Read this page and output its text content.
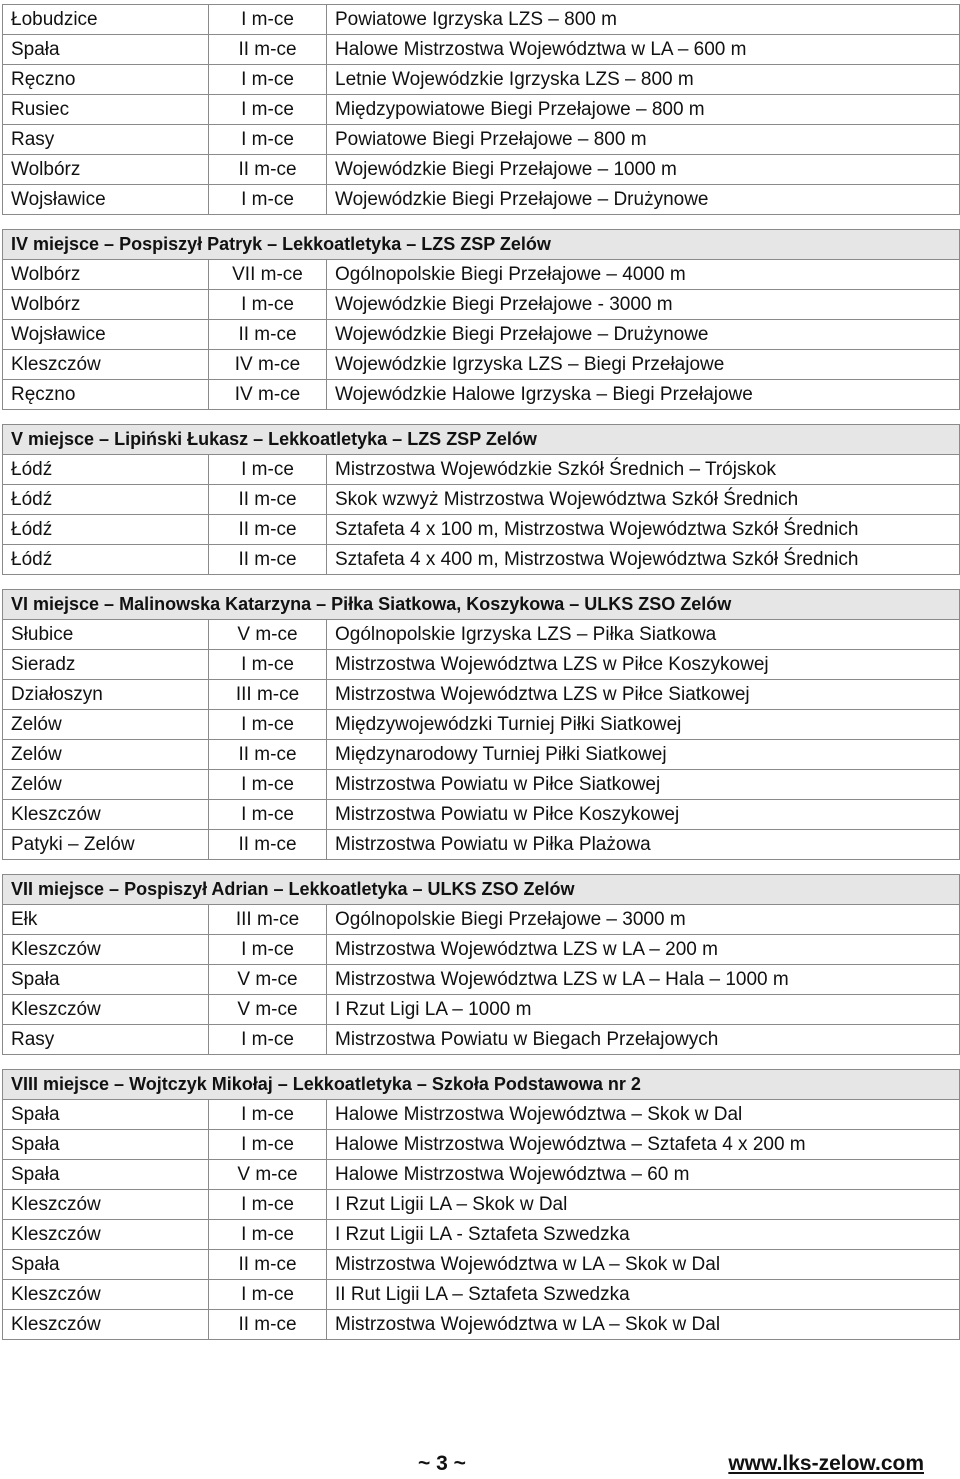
Łobudzice	I m-ce	Powiatowe Igrzyska LZS – 800 m
Spała	II m-ce	Halowe Mistrzostwa Województwa w LA – 600 m
Ręczno	I m-ce	Letnie Wojewódzkie Igrzyska LZS – 800 m
Rusiec	I m-ce	Międzypowiatowe Biegi Przełajowe – 800 m
Rasy	I m-ce	Powiatowe Biegi Przełajowe – 800 m
Wolbórz	II m-ce	Wojewódzkie Biegi Przełajowe – 1000 m
Wojsławice	I m-ce	Wojewódzkie Biegi Przełajowe – Drużynowe
IV miejsce – Pospiszył Patryk – Lekkoatletyka – LZS ZSP Zelów		
Wolbórz	VII m-ce	Ogólnopolskie Biegi Przełajowe – 4000 m
Wolbórz	I m-ce	Wojewódzkie Biegi Przełajowe - 3000 m
Wojsławice	II m-ce	Wojewódzkie Biegi Przełajowe – Drużynowe
Kleszczów	IV m-ce	Wojewódzkie Igrzyska LZS – Biegi Przełajowe
Ręczno	IV m-ce	Wojewódzkie Halowe Igrzyska – Biegi Przełajowe
V miejsce – Lipiński Łukasz – Lekkoatletyka – LZS ZSP Zelów		
Łódź	I m-ce	Mistrzostwa Wojewódzkie Szkół Średnich – Trójskok
Łódź	II m-ce	Skok wzwyż Mistrzostwa Województwa Szkół Średnich
Łódź	II m-ce	Sztafeta 4 x 100 m, Mistrzostwa Województwa Szkół Średnich
Łódź	II m-ce	Sztafeta 4 x 400 m, Mistrzostwa Województwa Szkół Średnich
VI miejsce – Malinowska Katarzyna – Piłka Siatkowa, Koszykowa – ULKS ZSO Zelów		
Słubice	V m-ce	Ogólnopolskie Igrzyska LZS – Piłka Siatkowa
Sieradz	I m-ce	Mistrzostwa Województwa LZS w Piłce Koszykowej
Działoszyn	III m-ce	Mistrzostwa Województwa LZS w Piłce Siatkowej
Zelów	I m-ce	Międzywojewódzki Turniej Piłki Siatkowej
Zelów	II m-ce	Międzynarodowy Turniej Piłki Siatkowej
Zelów	I m-ce	Mistrzostwa Powiatu w Piłce Siatkowej
Kleszczów	I m-ce	Mistrzostwa Powiatu w Piłce Koszykowej
Patyki – Zelów	II m-ce	Mistrzostwa Powiatu w Piłka Plażowa
VII miejsce – Pospiszył Adrian – Lekkoatletyka – ULKS ZSO Zelów		
Ełk	III m-ce	Ogólnopolskie Biegi Przełajowe – 3000 m
Kleszczów	I m-ce	Mistrzostwa Województwa LZS w LA – 200 m
Spała	V m-ce	Mistrzostwa Województwa LZS w LA – Hala – 1000 m
Kleszczów	V m-ce	I Rzut Ligi LA – 1000 m
Rasy	I m-ce	Mistrzostwa Powiatu w Biegach Przełajowych
VIII miejsce – Wojtczyk Mikołaj – Lekkoatletyka – Szkoła Podstawowa nr 2		
Spała	I m-ce	Halowe Mistrzostwa Województwa – Skok w Dal
Spała	I m-ce	Halowe Mistrzostwa Województwa – Sztafeta 4 x 200 m
Spała	V m-ce	Halowe Mistrzostwa Województwa – 60 m
Kleszczów	I m-ce	I Rzut Ligii LA – Skok w Dal
Kleszczów	I m-ce	I Rzut Ligii LA - Sztafeta Szwedzka
Spała	II m-ce	Mistrzostwa Województwa w LA – Skok w Dal
Kleszczów	I m-ce	II Rut Ligii LA – Sztafeta Szwedzka
Kleszczów	II m-ce	Mistrzostwa Województwa w LA – Skok w Dal
~ 3 ~	www.lks-zelow.com
